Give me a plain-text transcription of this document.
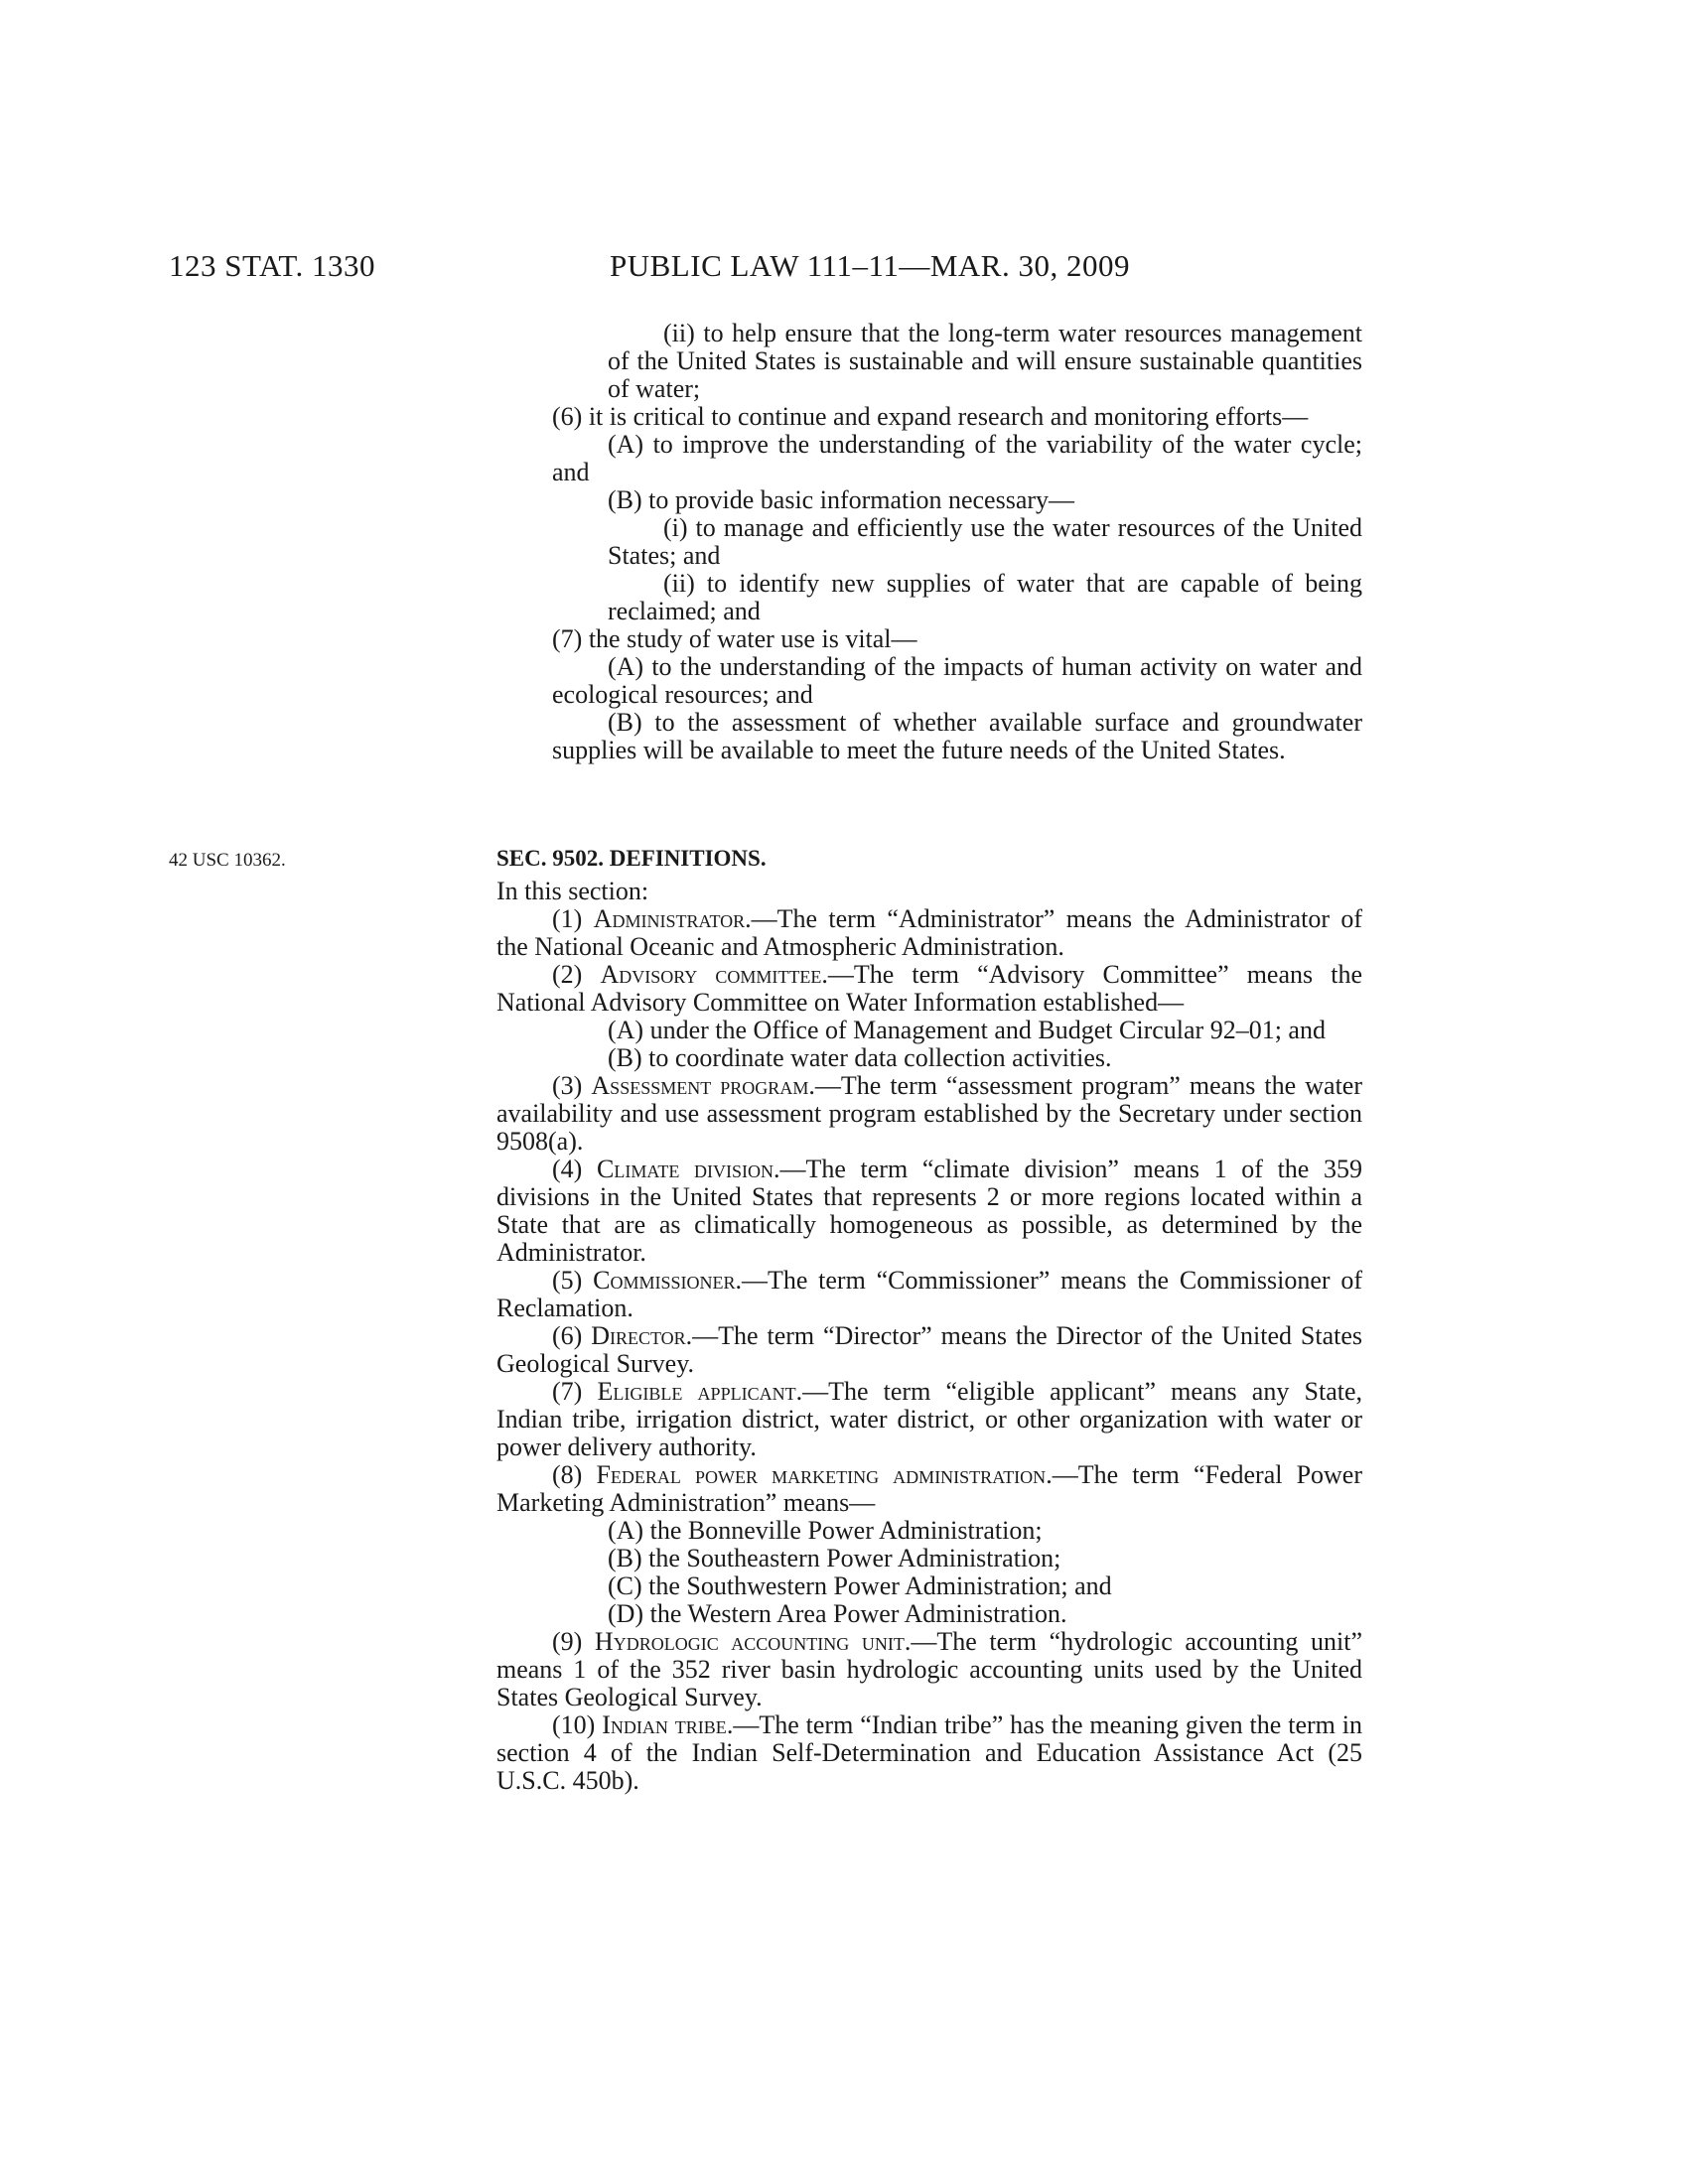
123 STAT. 1330	PUBLIC LAW 111–11—MAR. 30, 2009

(ii) to help ensure that the long-term water resources management of the United States is sustainable and will ensure sustainable quantities of water;

(6) it is critical to continue and expand research and monitoring efforts—

(A) to improve the understanding of the variability of the water cycle; and

(B) to provide basic information necessary—

(i) to manage and efficiently use the water resources of the United States; and

(ii) to identify new supplies of water that are capable of being reclaimed; and

(7) the study of water use is vital—

(A) to the understanding of the impacts of human activity on water and ecological resources; and

(B) to the assessment of whether available surface and groundwater supplies will be available to meet the future needs of the United States.

42 USC 10362.	SEC. 9502. DEFINITIONS.

In this section:

(1) Administrator.—The term “Administrator” means the Administrator of the National Oceanic and Atmospheric Administration.

(2) Advisory committee.—The term “Advisory Committee” means the National Advisory Committee on Water Information established—

(A) under the Office of Management and Budget Circular 92–01; and

(B) to coordinate water data collection activities.

(3) Assessment program.—The term “assessment program” means the water availability and use assessment program established by the Secretary under section 9508(a).

(4) Climate division.—The term “climate division” means 1 of the 359 divisions in the United States that represents 2 or more regions located within a State that are as climatically homogeneous as possible, as determined by the Administrator.

(5) Commissioner.—The term “Commissioner” means the Commissioner of Reclamation.

(6) Director.—The term “Director” means the Director of the United States Geological Survey.

(7) Eligible applicant.—The term “eligible applicant” means any State, Indian tribe, irrigation district, water district, or other organization with water or power delivery authority.

(8) Federal power marketing administration.—The term “Federal Power Marketing Administration” means—

(A) the Bonneville Power Administration;

(B) the Southeastern Power Administration;

(C) the Southwestern Power Administration; and

(D) the Western Area Power Administration.

(9) Hydrologic accounting unit.—The term “hydrologic accounting unit” means 1 of the 352 river basin hydrologic accounting units used by the United States Geological Survey.

(10) Indian tribe.—The term “Indian tribe” has the meaning given the term in section 4 of the Indian Self-Determination and Education Assistance Act (25 U.S.C. 450b).
